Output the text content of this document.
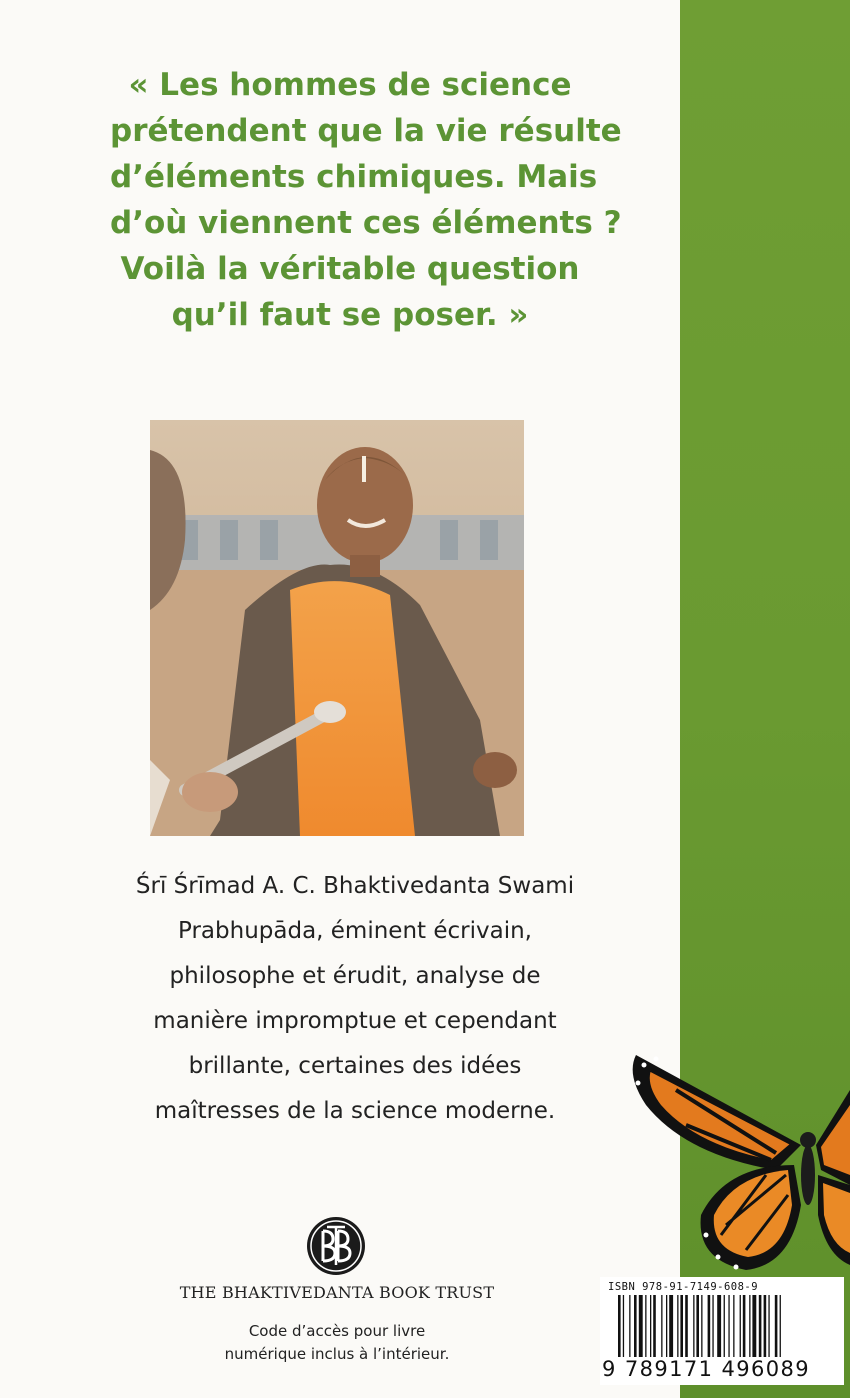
« Les hommes de science
prétendent que la vie résulte
d’éléments chimiques. Mais
d’où viennent ces éléments ?
Voilà la véritable question
qu’il faut se poser. »
Śrī Śrīmad A. C. Bhaktivedanta Swami
Prabhupāda, éminent écrivain,
philosophe et érudit, analyse de
manière impromptue et cependant
brillante, certaines des idées
maîtresses de la science moderne.
THE BHAKTIVEDANTA BOOK TRUST
Code d’accès pour livre
numérique inclus à l’intérieur.
ISBN 978-91-7149-608-9
9 789171 496089
